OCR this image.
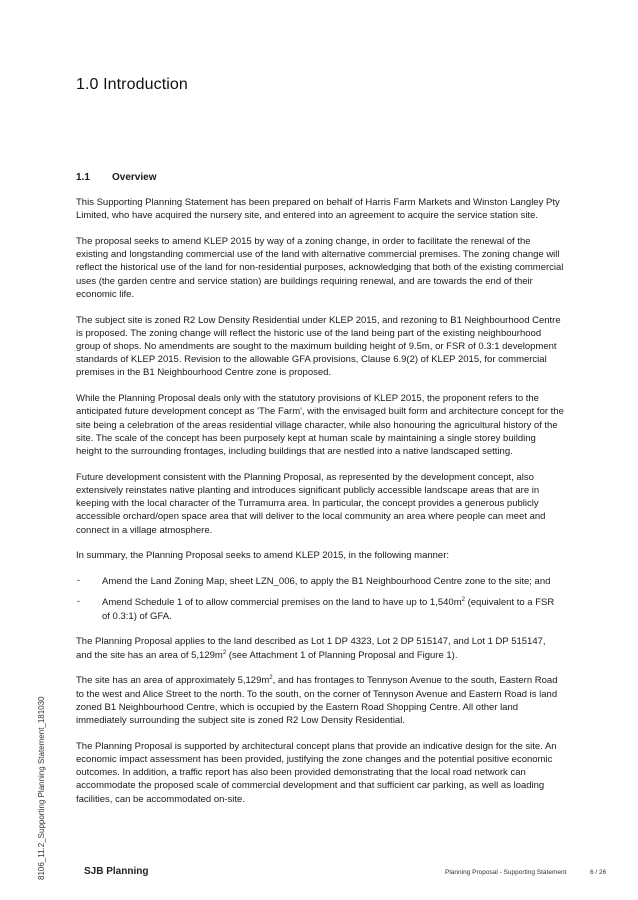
1.0 Introduction
1.1 Overview

This Supporting Planning Statement has been prepared on behalf of Harris Farm Markets and Winston Langley Pty Limited, who have acquired the nursery site, and entered into an agreement to acquire the service station site.

The proposal seeks to amend KLEP 2015 by way of a zoning change, in order to facilitate the renewal of the existing and longstanding commercial use of the land with alternative commercial premises. The zoning change will reflect the historical use of the land for non-residential purposes, acknowledging that both of the existing commercial uses (the garden centre and service station) are buildings requiring renewal, and are towards the end of their economic life.

The subject site is zoned R2 Low Density Residential under KLEP 2015, and rezoning to B1 Neighbourhood Centre is proposed. The zoning change will reflect the historic use of the land being part of the existing neighbourhood group of shops. No amendments are sought to the maximum building height of 9.5m, or FSR of 0.3:1 development standards of KLEP 2015. Revision to the allowable GFA provisions, Clause 6.9(2) of KLEP 2015, for commercial premises in the B1 Neighbourhood Centre zone is proposed.

While the Planning Proposal deals only with the statutory provisions of KLEP 2015, the proponent refers to the anticipated future development concept as 'The Farm', with the envisaged built form and architecture concept for the site being a celebration of the areas residential village character, while also honouring the agricultural history of the site. The scale of the concept has been purposely kept at human scale by maintaining a single storey building height to the surrounding frontages, including buildings that are nestled into a native landscaped setting.

Future development consistent with the Planning Proposal, as represented by the development concept, also extensively reinstates native planting and introduces significant publicly accessible landscape areas that are in keeping with the local character of the Turramurra area. In particular, the concept provides a generous publicly accessible orchard/open space area that will deliver to the local community an area where people can meet and connect in a village atmosphere.

In summary, the Planning Proposal seeks to amend KLEP 2015, in the following manner:

- Amend the Land Zoning Map, sheet LZN_006, to apply the B1 Neighbourhood Centre zone to the site; and
- Amend Schedule 1 of to allow commercial premises on the land to have up to $1,540m^2$ (equivalent to a FSR of 0.3:1) of GFA.

The Planning Proposal applies to the land described as Lot 1 DP 4323, Lot 2 DP 515147, and Lot 1 DP 515147, and the site has an area of $5,129m^2$ (see Attachment 1 of Planning Proposal and Figure 1).

The site has an area of approximately $5,129m^2$, and has frontages to Tennyson Avenue to the south, Eastern Road to the west and Alice Street to the north. To the south, on the corner of Tennyson Avenue and Eastern Road is land zoned B1 Neighbourhood Centre, which is occupied by the Eastern Road Shopping Centre. All other land immediately surrounding the subject site is zoned R2 Low Density Residential.

The Planning Proposal is supported by architectural concept plans that provide an indicative design for the site. An economic impact assessment has been provided, justifying the zone changes and the potential positive economic outcomes. In addition, a traffic report has also been provided demonstrating that the local road network can accommodate the proposed scale of commercial development and that sufficient car parking, as well as loading facilities, can be accommodated on-site.

8106_11.2_Supporting Planning Statement_181030	SJB Planning	Planning Proposal - Supporting Statement	6 / 26
